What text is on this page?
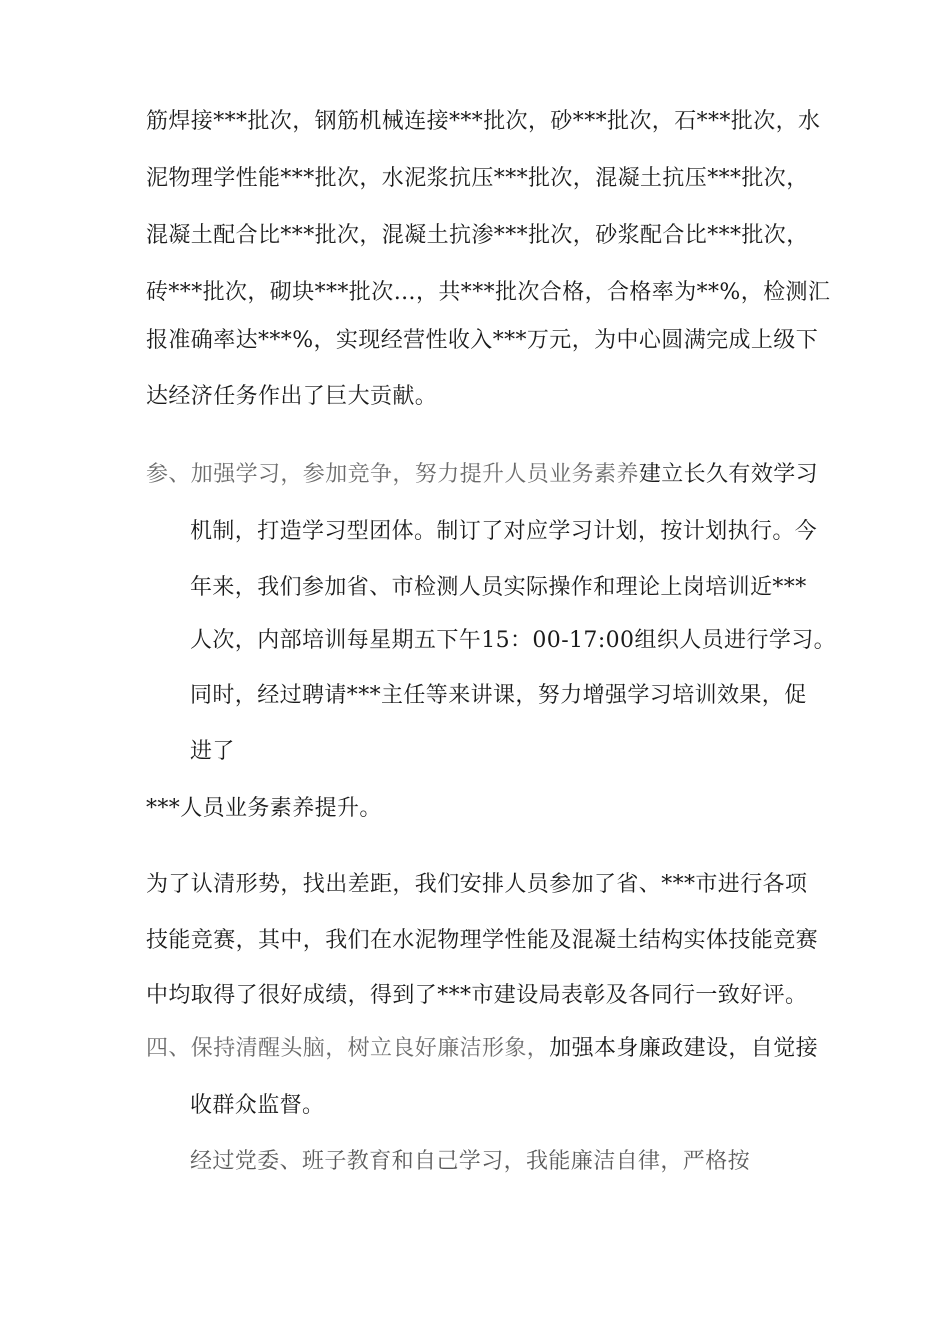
筋焊接***批次，钢筋机械连接***批次，砂***批次，石***批次，水
泥物理学性能***批次，水泥浆抗压***批次，混凝土抗压***批次，
混凝土配合比***批次，混凝土抗渗***批次，砂浆配合比***批次，
砖***批次，砌块***批次…，共***批次合格，合格率为**%，检测汇
报准确率达***%，实现经营性收入***万元，为中心圆满完成上级下
达经济任务作出了巨大贡献。
参、加强学习，参加竞争，努力提升人员业务素养建立长久有效学习
机制，打造学习型团体。制订了对应学习计划，按计划执行。今
年来，我们参加省、市检测人员实际操作和理论上岗培训近***
人次，内部培训每星期五下午15：00-17:00组织人员进行学习。
同时，经过聘请***主任等来讲课，努力增强学习培训效果，促
进了
***人员业务素养提升。
为了认清形势，找出差距，我们安排人员参加了省、***市进行各项
技能竞赛，其中，我们在水泥物理学性能及混凝土结构实体技能竞赛
中均取得了很好成绩，得到了***市建设局表彰及各同行一致好评。
四、保持清醒头脑，树立良好廉洁形象，加强本身廉政建设，自觉接
收群众监督。
经过党委、班子教育和自己学习，我能廉洁自律，严格按
